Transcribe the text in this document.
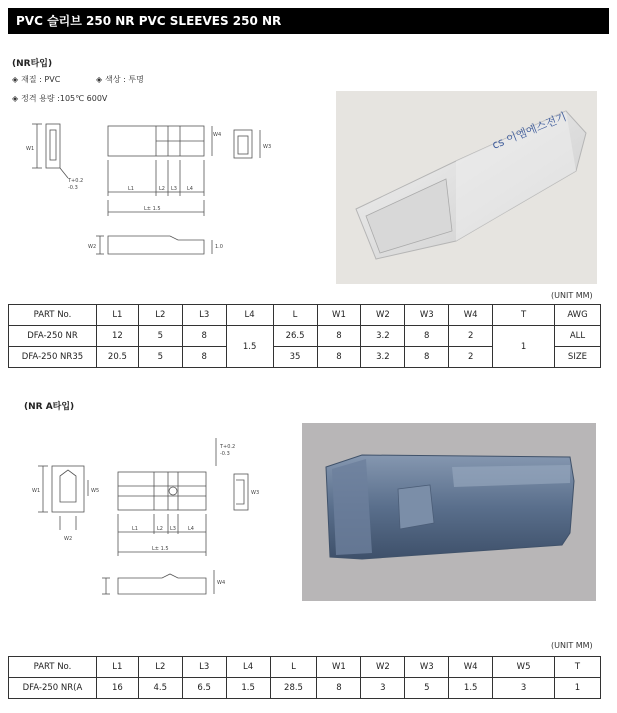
PVC 슬리브 250 NR PVC SLEEVES 250 NR
(NR타입)
◈ 재질 : PVC	◈ 색상 : 투명
◈ 정격 용량 :105℃ 600V
W1
T+0.2
-0.3
W4
W3
L1	L2 L3 L4
L± 1.5
W2	1.0
cs 이엠에스전기
(UNIT MM)
PART No.	L1	L2	L3	L4	L	W1	W2	W3	W4	T	AWG
DFA-250 NR	12	5	8	1.5	26.5	8	3.2	8	2	1	ALL
DFA-250 NR35	20.5	5	8		35	8	3.2	8	2		SIZE
(NR A타입)
W1	W5
W2
T+0.2
-0.3
W3
L1	L2 L3 L4
L± 1.5
W4
(UNIT MM)
PART No.	L1	L2	L3	L4	L	W1	W2	W3	W4	W5	T
DFA-250 NR(A	16	4.5	6.5	1.5	28.5	8	3	5	1.5	3	1
